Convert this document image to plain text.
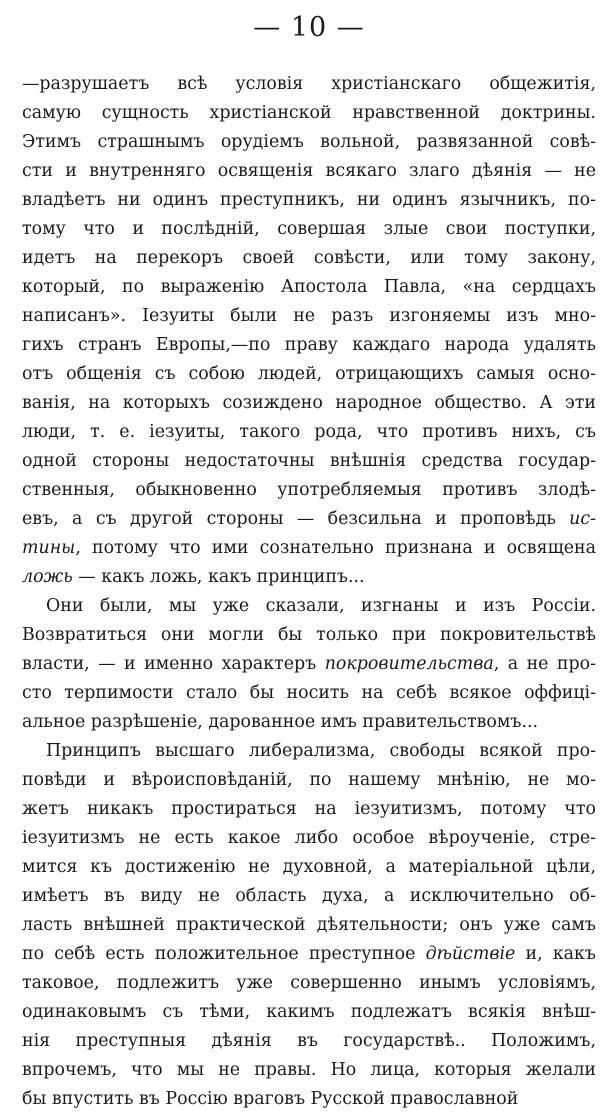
— 10 —
—разрушаетъ всѣ условія христіанскаго общежитія,
самую сущность христіанской нравственной доктрины.
Этимъ страшнымъ орудіемъ вольной, развязанной совѣ-
сти и внутренняго освященія всякаго злаго дѣянія — не
владѣетъ ни одинъ преступникъ, ни одинъ язычникъ, по-
тому что и послѣдній, совершая злые свои поступки,
идетъ на перекоръ своей совѣсти, или тому закону,
который, по выраженію Апостола Павла, «на сердцахъ
написанъ». Іезуиты были не разъ изгоняемы изъ мно-
гихъ странъ Европы,—по праву каждаго народа удалять
отъ общенія съ собою людей, отрицающихъ самыя осно-
ванія, на которыхъ созиждено народное общество. А эти
люди, т. е. іезуиты, такого рода, что противъ нихъ, съ
одной стороны недостаточны внѣшнія средства государ-
ственныя, обыкновенно употребляемыя противъ злодѣ-
евъ, а съ другой стороны — безсильна и проповѣдь ис-
тины, потому что ими сознательно признана и освящена
ложь — какъ ложь, какъ принципъ...
Они были, мы уже сказали, изгнаны и изъ Россіи.
Возвратиться они могли бы только при покровительствѣ
власти, — и именно характеръ покровительства, а не про-
сто терпимости стало бы носить на себѣ всякое оффиці-
альное разрѣшеніе, дарованное имъ правительствомъ...
Принципъ высшаго либерализма, свободы всякой про-
повѣди и вѣроисповѣданій, по нашему мнѣнію, не мо-
жетъ никакъ простираться на іезуитизмъ, потому что
іезуитизмъ не есть какое либо особое вѣроученіе, стре-
мится къ достиженію не духовной, а матеріальной цѣли,
имѣетъ въ виду не область духа, а исключительно об-
ласть внѣшней практической дѣятельности; онъ уже самъ
по себѣ есть положительное преступное дѣйствіе и, какъ
таковое, подлежитъ уже совершенно инымъ условіямъ,
одинаковымъ съ тѣми, какимъ подлежатъ всякія внѣш-
нія преступныя дѣянія въ государствѣ.. Положимъ,
впрочемъ, что мы не правы. Но лица, которыя желали
бы впустить въ Россію враговъ Русской православной
